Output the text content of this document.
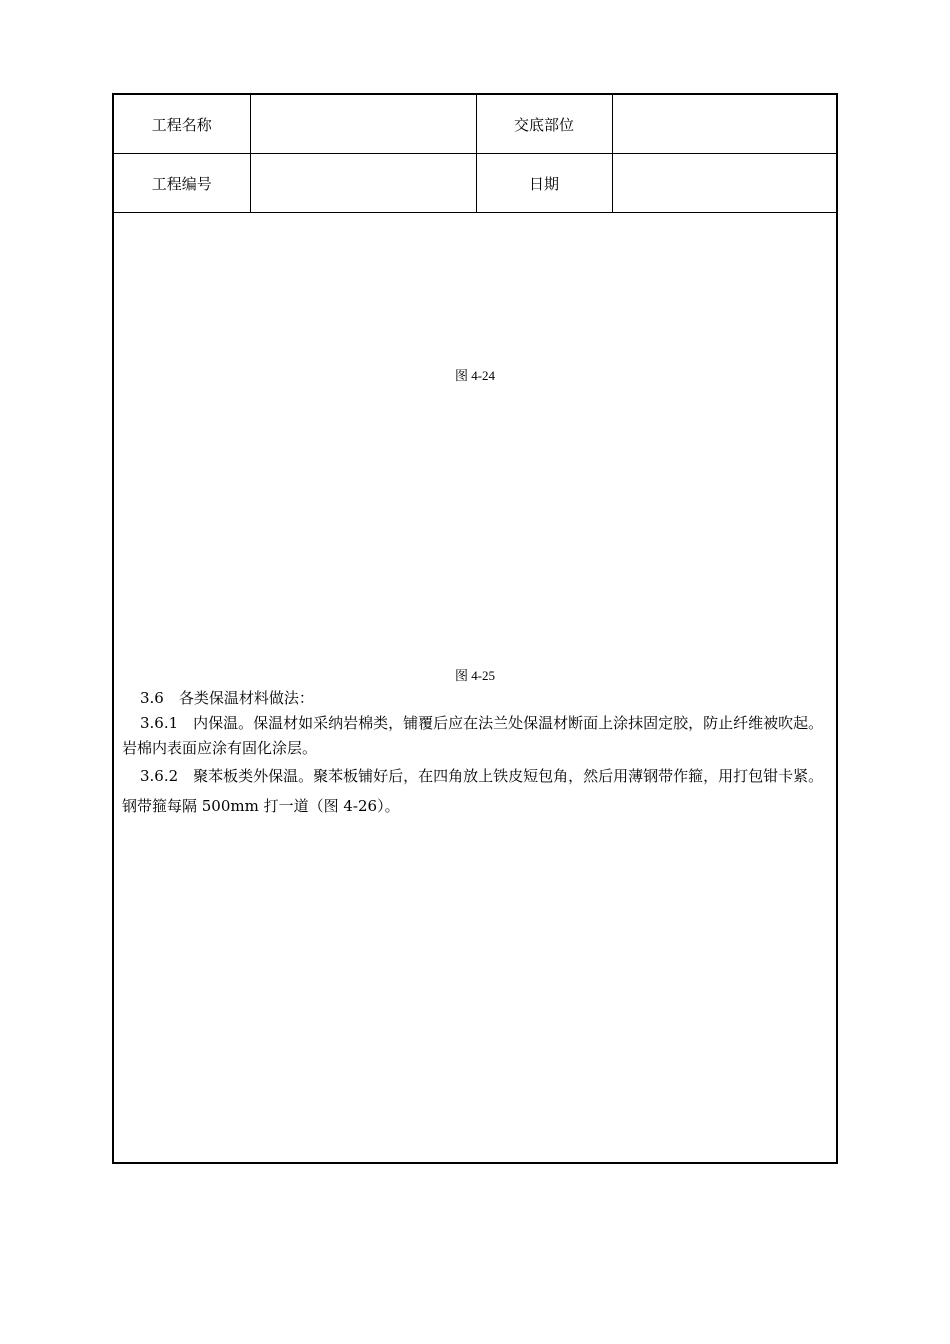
工程名称		交底部位	
工程编号		日期	
图 4-24
图 4-25

3.6　各类保温材料做法：

3.6.1　内保温。保温材如采纳岩棉类，铺覆后应在法兰处保温材断面上涂抹固定胶，防止纤维被吹起。岩棉内表面应涂有固化涂层。

3.6.2　聚苯板类外保温。聚苯板铺好后，在四角放上铁皮短包角，然后用薄钢带作箍，用打包钳卡紧。钢带箍每隔 500mm 打一道（图 4-26）。
